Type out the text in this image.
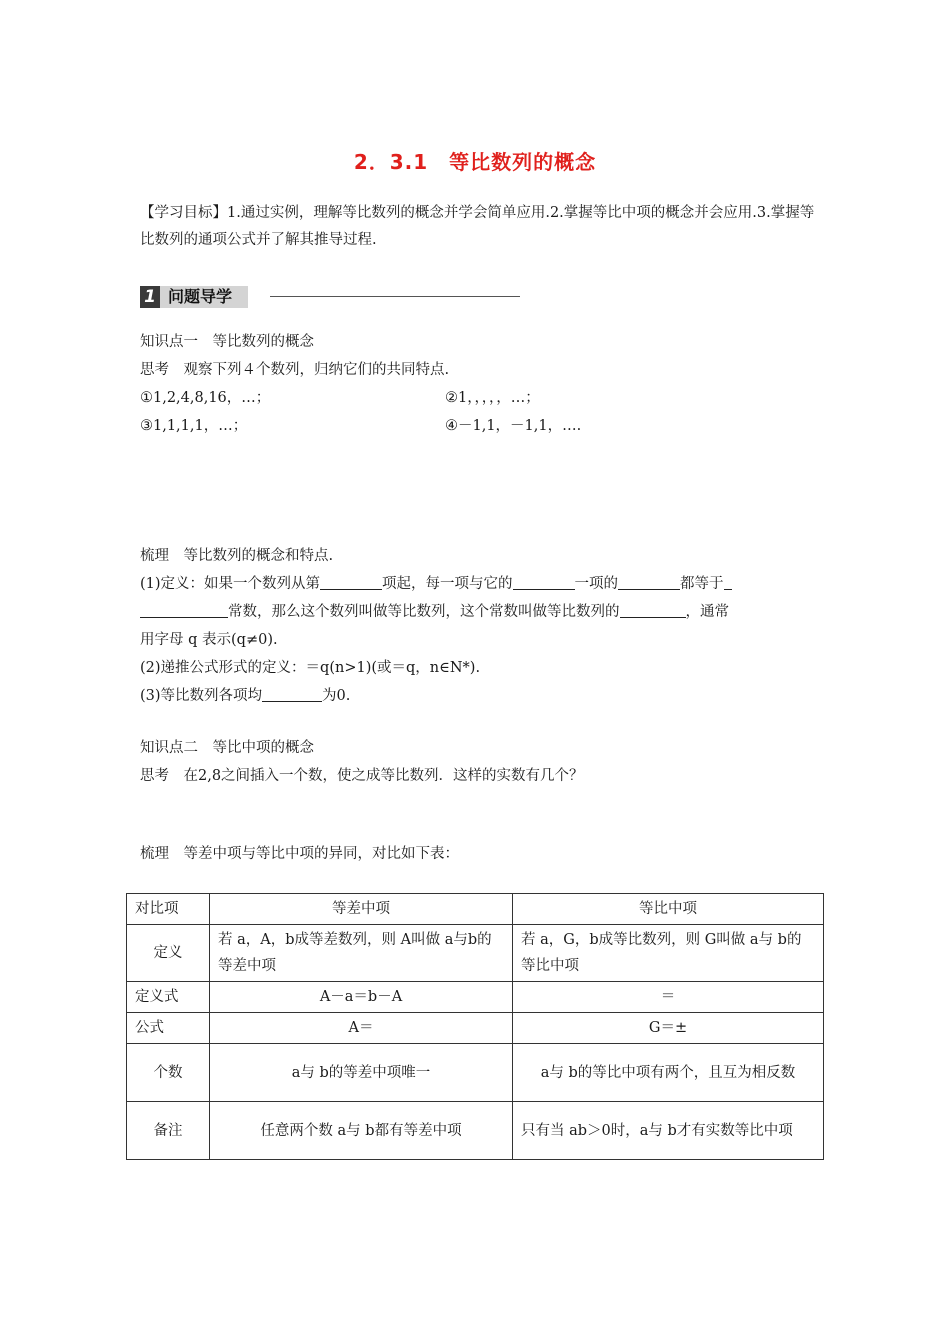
2．3.1　等比数列的概念
【学习目标】1.通过实例，理解等比数列的概念并学会简单应用.2.掌握等比中项的概念并会应用.3.掌握等比数列的通项公式并了解其推导过程.
1 问题导学
知识点一　等比数列的概念
思考　观察下列４个数列，归纳它们的共同特点.
①1,2,4,8,16，…；	②1，，，，，…；
③1,1,1,1，…；	④－1,1，－1,1，….
梳理　等比数列的概念和特点.
(1)定义：如果一个数列从第	项起，每一项与它的	一项的	都等于
常数，那么这个数列叫做等比数列，这个常数叫做等比数列的	，通常
用字母 q 表示(q≠0).
(2)递推公式形式的定义：＝q(n>1)(或＝q，n∈N*).
(3)等比数列各项均	为0.
知识点二　等比中项的概念
思考　在2,8之间插入一个数，使之成等比数列．这样的实数有几个？
梳理　等差中项与等比中项的异同，对比如下表：
对比项	等差中项	等比中项
定义	若 a，A，b成等差数列，则 A叫做 a与b的等差中项	若 a，G，b成等比数列，则 G叫做 a与 b的等比中项
定义式	A－a＝b－A	＝
公式	A＝	G＝±
个数	a与 b的等差中项唯一	a与 b的等比中项有两个，且互为相反数
备注	任意两个数 a与 b都有等差中项	只有当 ab＞0时，a与 b才有实数等比中项
